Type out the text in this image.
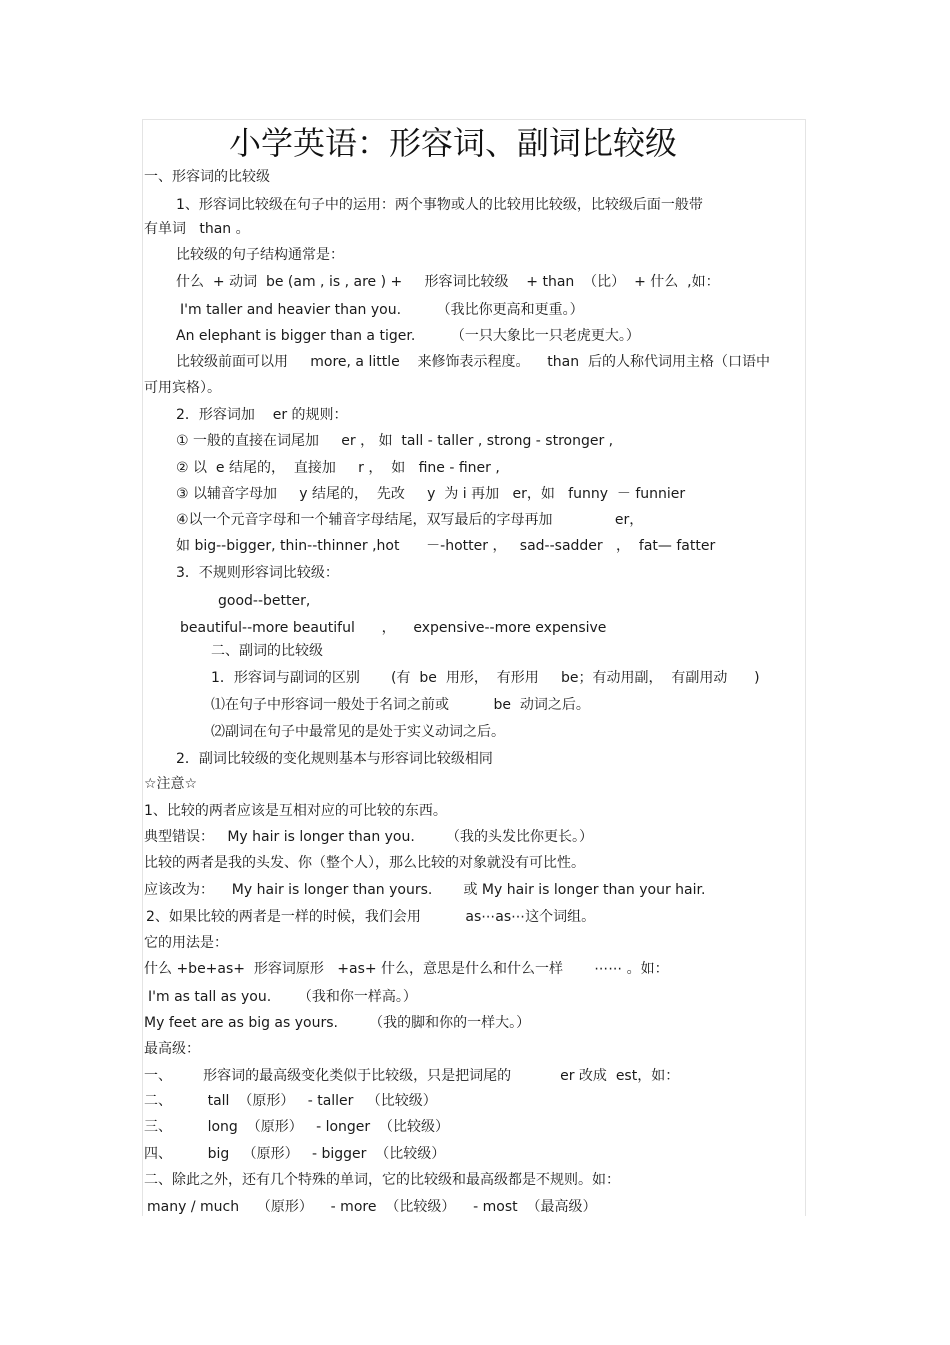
小学英语：形容词、副词比较级
一、形容词的比较级
1、形容词比较级在句子中的运用：两个事物或人的比较用比较级，比较级后面一般带
有单词   than 。
比较级的句子结构通常是：
什么  + 动词  be (am , is , are ) +     形容词比较级    + than  （比）  + 什么  ,如：
I'm taller and heavier than you.        （我比你更高和更重。）
An elephant is bigger than a tiger.        （一只大象比一只老虎更大。）
比较级前面可以用     more, a little    来修饰表示程度。    than  后的人称代词用主格（口语中
可用宾格）。
2．形容词加    er 的规则：
① 一般的直接在词尾加     er ， 如  tall - taller , strong - stronger ,
② 以  e 结尾的，  直接加     r ，  如   fine - finer ,
③ 以辅音字母加     y 结尾的，  先改     y  为 i 再加   er，如   funny  － funnier
④以一个元音字母和一个辅音字母结尾，双写最后的字母再加              er，
如 big--bigger, thin--thinner ,hot      －-hotter ，   sad--sadder   ，  fat— fatter
3．不规则形容词比较级：
good--better,
beautiful--more beautiful      ，    expensive--more expensive
二、副词的比较级
1．形容词与副词的区别       (有  be  用形，  有形用     be；有动用副，  有副用动      )
⑴在句子中形容词一般处于名词之前或          be  动词之后。
⑵副词在句子中最常见的是处于实义动词之后。
2．副词比较级的变化规则基本与形容词比较级相同
☆注意☆
1、比较的两者应该是互相对应的可比较的东西。
典型错误：   My hair is longer than you.       （我的头发比你更长。）
比较的两者是我的头发、你（整个人），那么比较的对象就没有可比性。
应该改为：    My hair is longer than yours.       或 My hair is longer than your hair.
2、如果比较的两者是一样的时候，我们会用          as⋯as⋯这个词组。
它的用法是：
什么 +be+as+  形容词原形   +as+ 什么，意思是什么和什么一样       ⋯⋯ 。如：
I'm as tall as you.      （我和你一样高。）
My feet are as big as yours.       （我的脚和你的一样大。）
最高级：
一、       形容词的最高级变化类似于比较级，只是把词尾的           er 改成  est，如：
二、        tall  （原形）   - taller   （比较级）
三、        long  （原形）   - longer  （比较级）
四、        big   （原形）   - bigger  （比较级）
二、除此之外，还有几个特殊的单词，它的比较级和最高级都是不规则。如：
many / much    （原形）    - more  （比较级）    - most  （最高级）
